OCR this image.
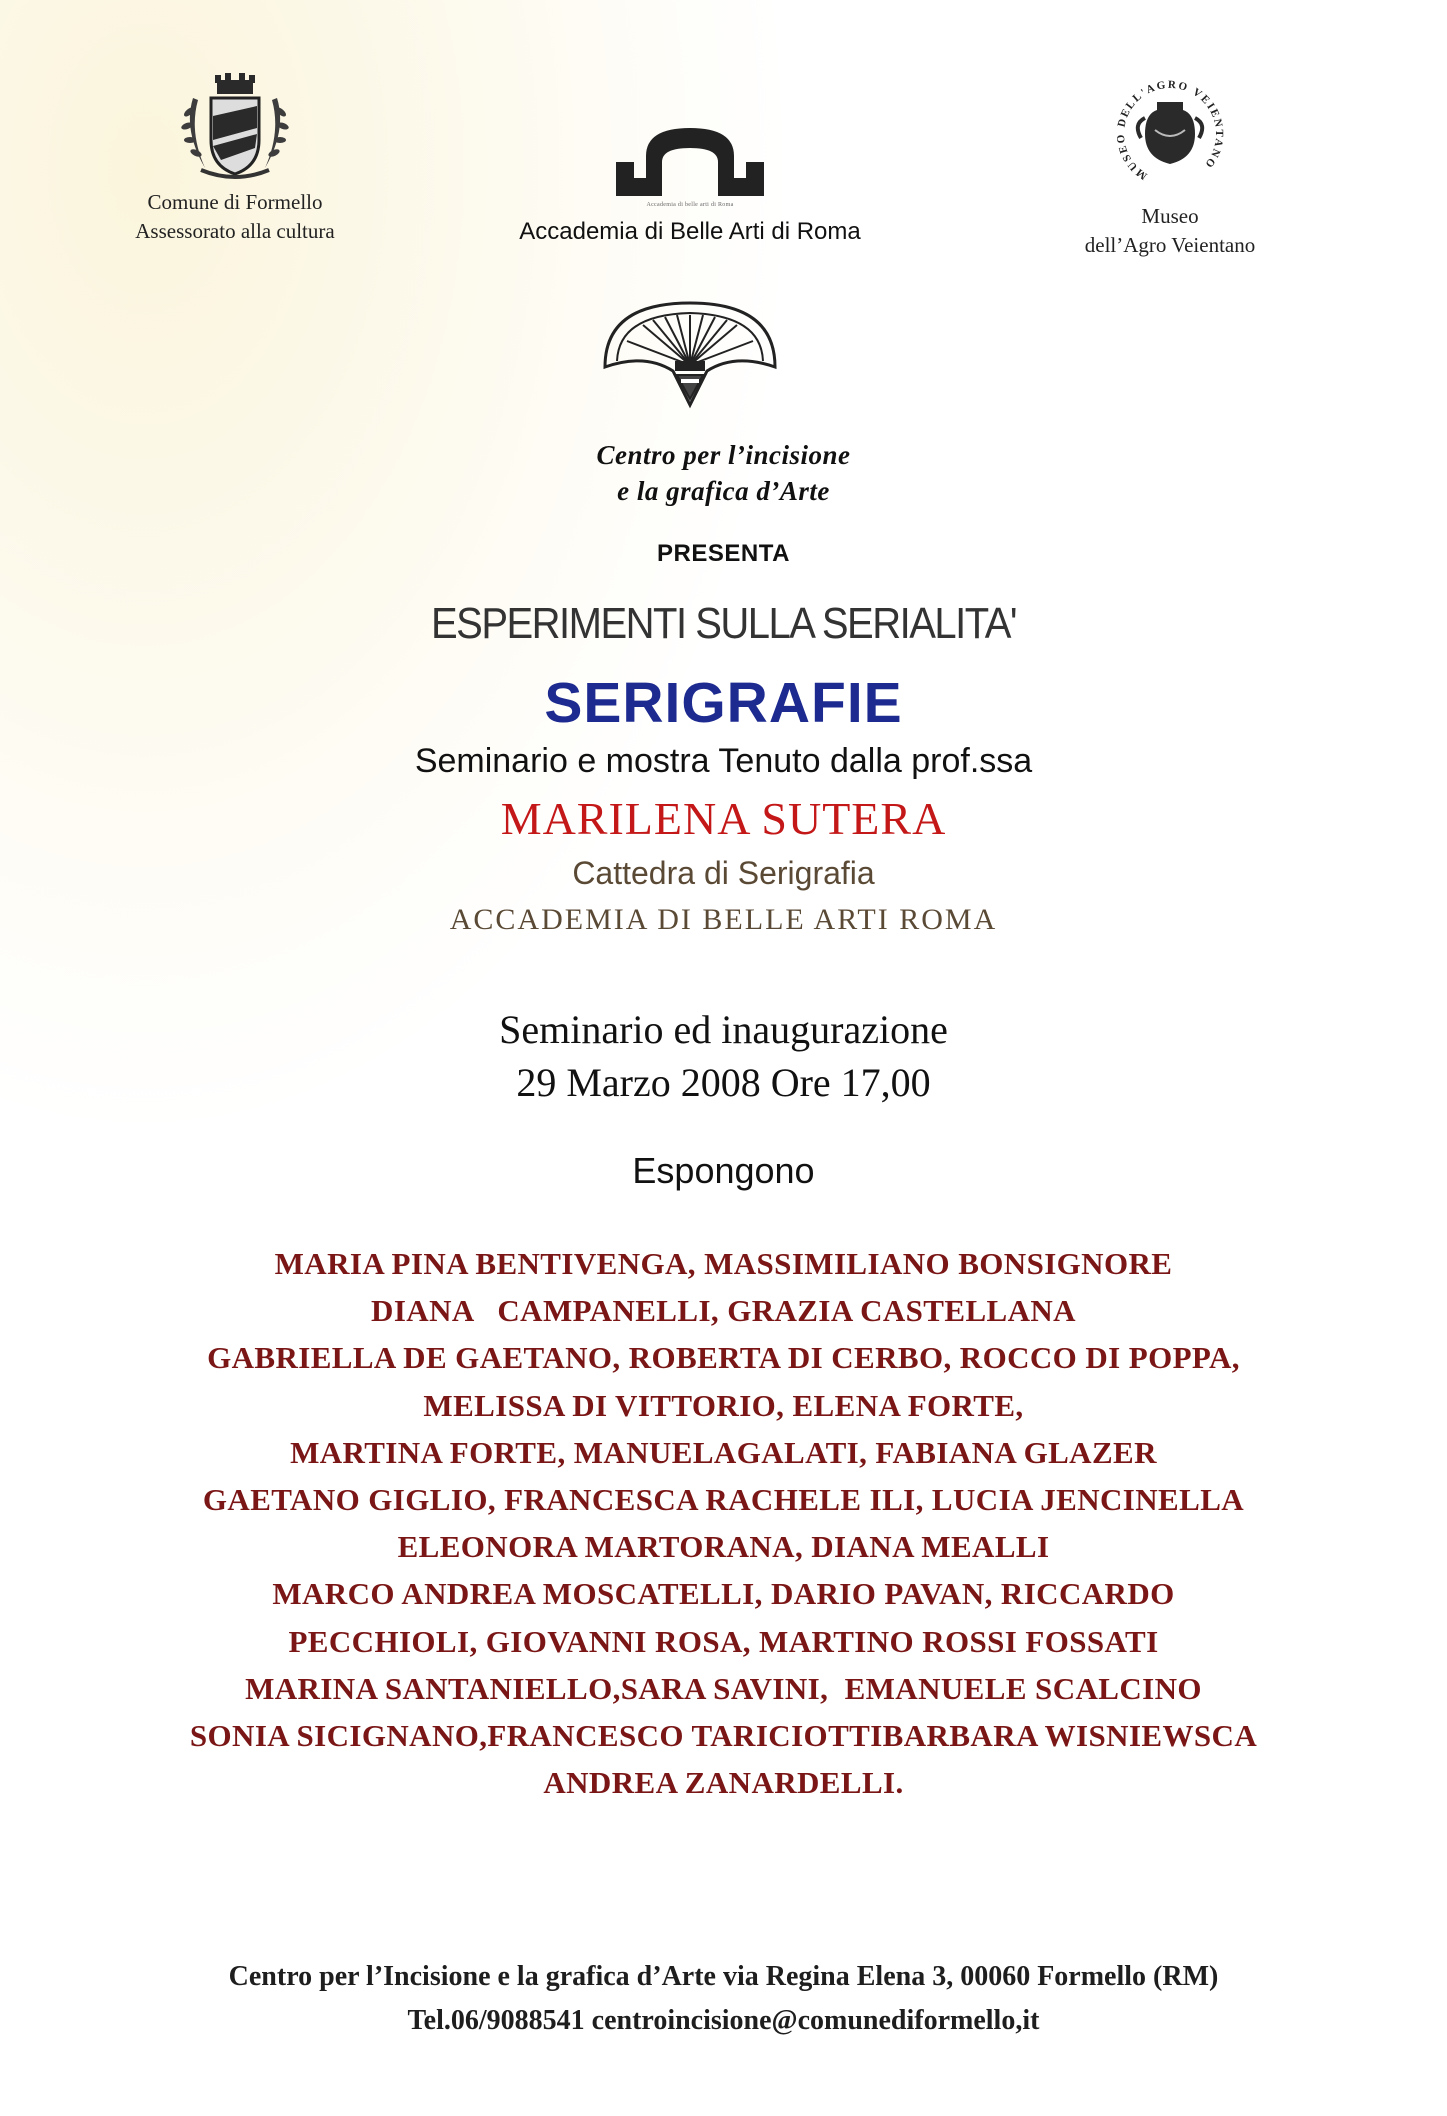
Comune di Formello
Assessorato alla cultura
Accademia di belle arti di Roma
Accademia di Belle Arti di Roma
MUSEO DELL'AGRO VEIENTANO
Museo
dell’Agro Veientano
Centro per l’incisione
e la grafica d’Arte
PRESENTA
ESPERIMENTI SULLA SERIALITA'
SERIGRAFIE
Seminario e mostra Tenuto dalla prof.ssa
MARILENA SUTERA
Cattedra di Serigrafia
ACCADEMIA DI BELLE ARTI ROMA
Seminario ed inaugurazione
29 Marzo 2008 Ore 17,00
Espongono
MARIA PINA BENTIVENGA, MASSIMILIANO BONSIGNORE
DIANA   CAMPANELLI, GRAZIA CASTELLANA
GABRIELLA DE GAETANO, ROBERTA DI CERBO, ROCCO DI POPPA,
MELISSA DI VITTORIO, ELENA FORTE,
MARTINA FORTE, MANUELAGALATI, FABIANA GLAZER
GAETANO GIGLIO, FRANCESCA RACHELE ILI, LUCIA JENCINELLA
ELEONORA MARTORANA, DIANA MEALLI
MARCO ANDREA MOSCATELLI, DARIO PAVAN, RICCARDO
PECCHIOLI, GIOVANNI ROSA, MARTINO ROSSI FOSSATI
MARINA SANTANIELLO,SARA SAVINI,  EMANUELE SCALCINO
SONIA SICIGNANO,FRANCESCO TARICIOTTIBARBARA WISNIEWSCA
ANDREA ZANARDELLI.
Centro per l’Incisione e la grafica d’Arte via Regina Elena 3, 00060 Formello (RM)
Tel.06/9088541 centroincisione@comunediformello,it
